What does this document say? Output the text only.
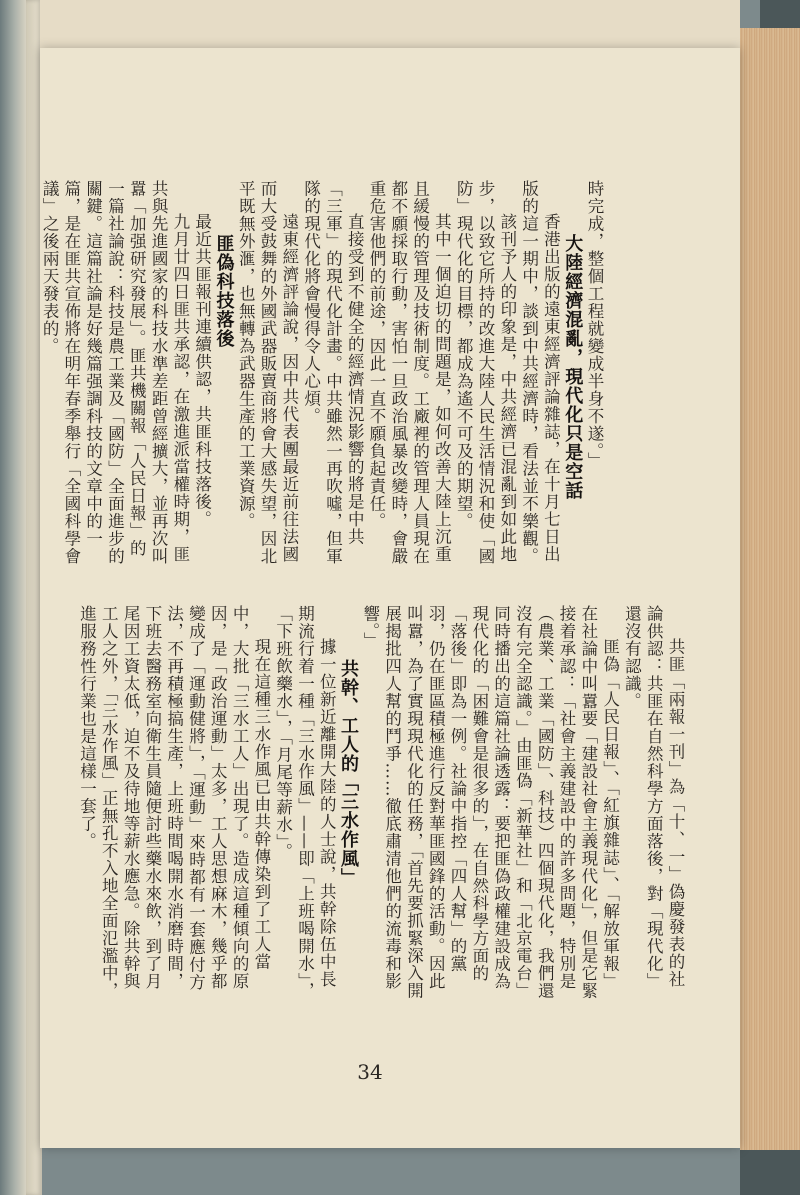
時完成，整個工程就變成半身不遂。」

大陸經濟混亂，現代化只是空話

香港出版的遠東經濟評論雜誌，在十月七日出版的這一期中，談到中共經濟時，看法並不樂觀。

該刊予人的印象是，中共經濟已混亂到如此地步，以致它所持的改進大陸人民生活情況和使「國防」現代化的目標，都成為遙不可及的期望。

其中一個迫切的問題是，如何改善大陸上沉重且緩慢的管理及技術制度。工廠裡的管理人員現在都不願採取行動，害怕一旦政治風暴改變時，會嚴重危害他們的前途，因此一直不願負起責任。

直接受到不健全的經濟情況影響的將是中共「三軍」的現代化計畫。中共雖然一再吹噓，但軍隊的現代化將會慢得令人心煩。

遠東經濟評論說，因中共代表團最近前往法國而大受鼓舞的外國武器販賣商將會大感失望，因北平既無外滙，也無轉為武器生產的工業資源。

匪偽科技落後

最近共匪報刊連續供認，共匪科技落後。

九月廿四日匪共承認，在激進派當權時期，匪共與先進國家的科技水準差距曾經擴大，並再次叫囂「加强研究發展」。匪共機關報「人民日報」的一篇社論說：科技是農工業及「國防」全面進步的關鍵。這篇社論是好幾篇强調科技的文章中的一篇，是在匪共宣佈將在明年春季舉行「全國科學會議」之後兩天發表的。

共匪「兩報一刊」為「十、一」偽慶發表的社論供認：共匪在自然科學方面落後，對「現代化」還沒有認識。

匪偽「人民日報」、「紅旗雜誌」、「解放軍報」在社論中叫囂要「建設社會主義現代化」，但是它緊接着承認：「社會主義建設中的許多問題，特別是（農業、工業「國防」、科技）四個現代化，我們還沒有完全認識。」由匪偽「新華社」和「北京電台」同時播出的這篇社論透露：要把匪偽政權建設成為現代化的「困難會是很多的」，在自然科學方面的「落後」即為一例。社論中指控「四人幫」的黨羽，仍在匪區積極進行反對華匪國鋒的活動。因此叫囂，為了實現現代化的任務，「首先要抓緊深入開展揭批四人幫的鬥爭……徹底肅清他們的流毒和影響。」

共幹、工人的「三水作風」

據一位新近離開大陸的人士說，共幹除伍中長期流行着一種「三水作風」——即「上班喝開水」，「下班飲藥水」，「月尾等薪水」。

現在這種三水作風已由共幹傳染到了工人當中，大批「三水工人」出現了。造成這種傾向的原因，是「政治運動」太多，工人思想麻木，幾乎都變成了「運動健將」，「運動」來時都有一套應付方法，不再積極搞生產，上班時間喝開水消磨時間，下班去醫務室向衛生員隨便討些藥水來飲，到了月尾因工資太低，迫不及待地等薪水應急。除共幹與工人之外，「三水作風」正無孔不入地全面氾濫中，進服務性行業也是這樣一套了。

34
